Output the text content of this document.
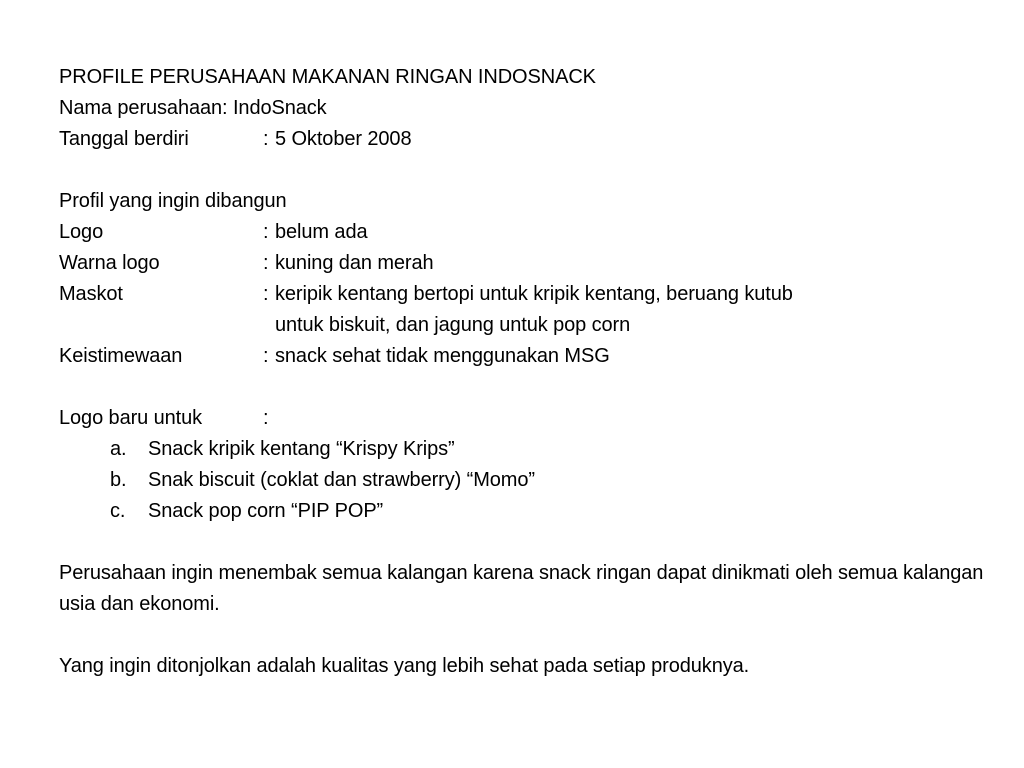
PROFILE PERUSAHAAN MAKANAN RINGAN INDOSNACK
Nama perusahaan: IndoSnack
Tanggal berdiri	: 5 Oktober 2008
Profil yang ingin dibangun
Logo	: belum ada
Warna logo	: kuning dan merah
Maskot	: keripik kentang bertopi untuk kripik kentang, beruang kutub
untuk biskuit, dan jagung untuk pop corn
Keistimewaan	: snack sehat tidak menggunakan MSG
Logo baru untuk	:
a.	Snack kripik kentang “Krispy Krips”
b.	Snak biscuit (coklat dan strawberry) “Momo”
c.	Snack pop corn “PIP POP”
Perusahaan ingin menembak semua kalangan karena snack ringan dapat dinikmati oleh semua kalangan usia dan ekonomi.
Yang ingin ditonjolkan adalah kualitas yang lebih sehat pada setiap produknya.
